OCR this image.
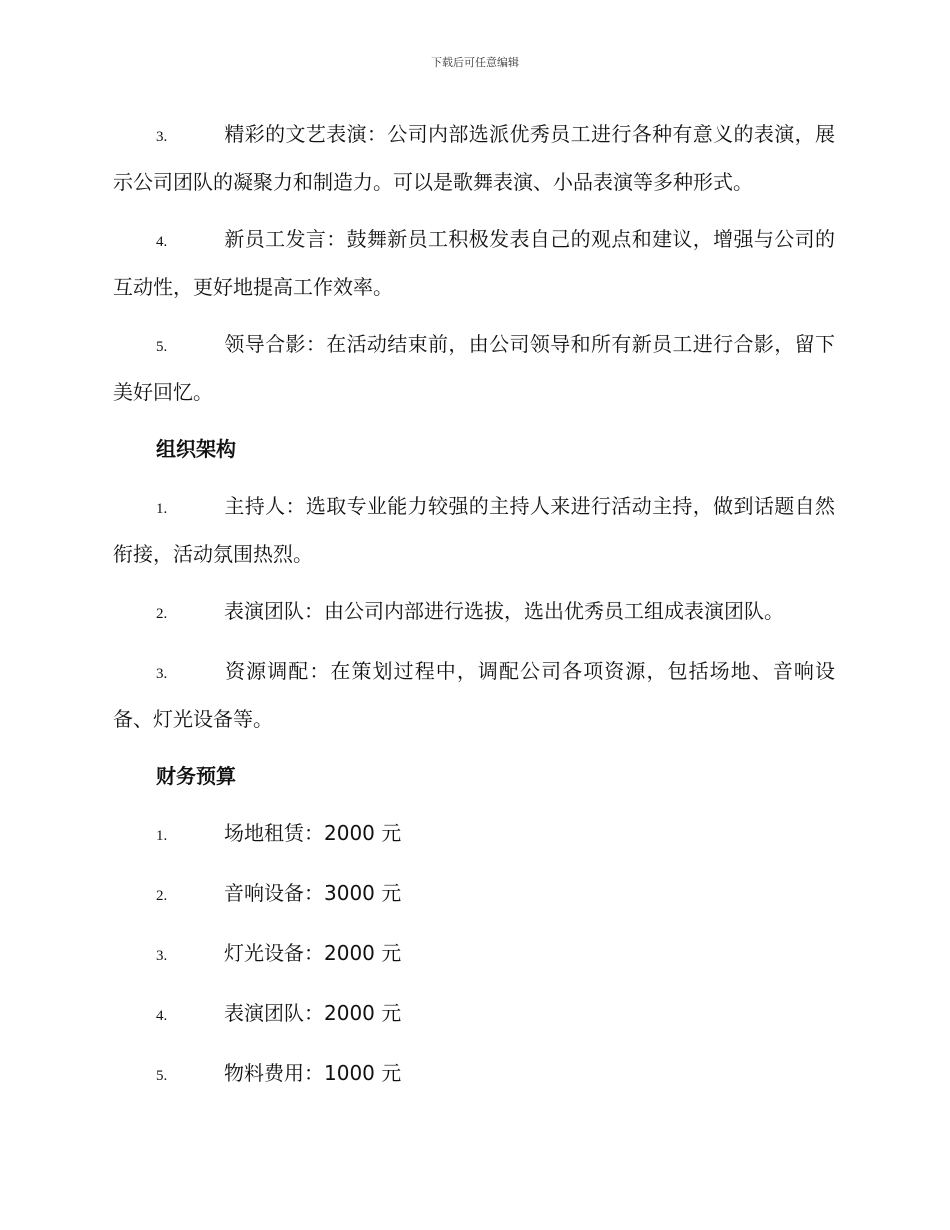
下载后可任意编辑
3.	精彩的文艺表演：公司内部选派优秀员工进行各种有意义的表演，展示公司团队的凝聚力和制造力。可以是歌舞表演、小品表演等多种形式。
4.	新员工发言：鼓舞新员工积极发表自己的观点和建议，增强与公司的互动性，更好地提高工作效率。
5.	领导合影：在活动结束前，由公司领导和所有新员工进行合影，留下美好回忆。
组织架构
1.	主持人：选取专业能力较强的主持人来进行活动主持，做到话题自然衔接，活动氛围热烈。
2.	表演团队：由公司内部进行选拔，选出优秀员工组成表演团队。
3.	资源调配：在策划过程中，调配公司各项资源，包括场地、音响设备、灯光设备等。
财务预算
1.	场地租赁：2000 元
2.	音响设备：3000 元
3.	灯光设备：2000 元
4.	表演团队：2000 元
5.	物料费用：1000 元
